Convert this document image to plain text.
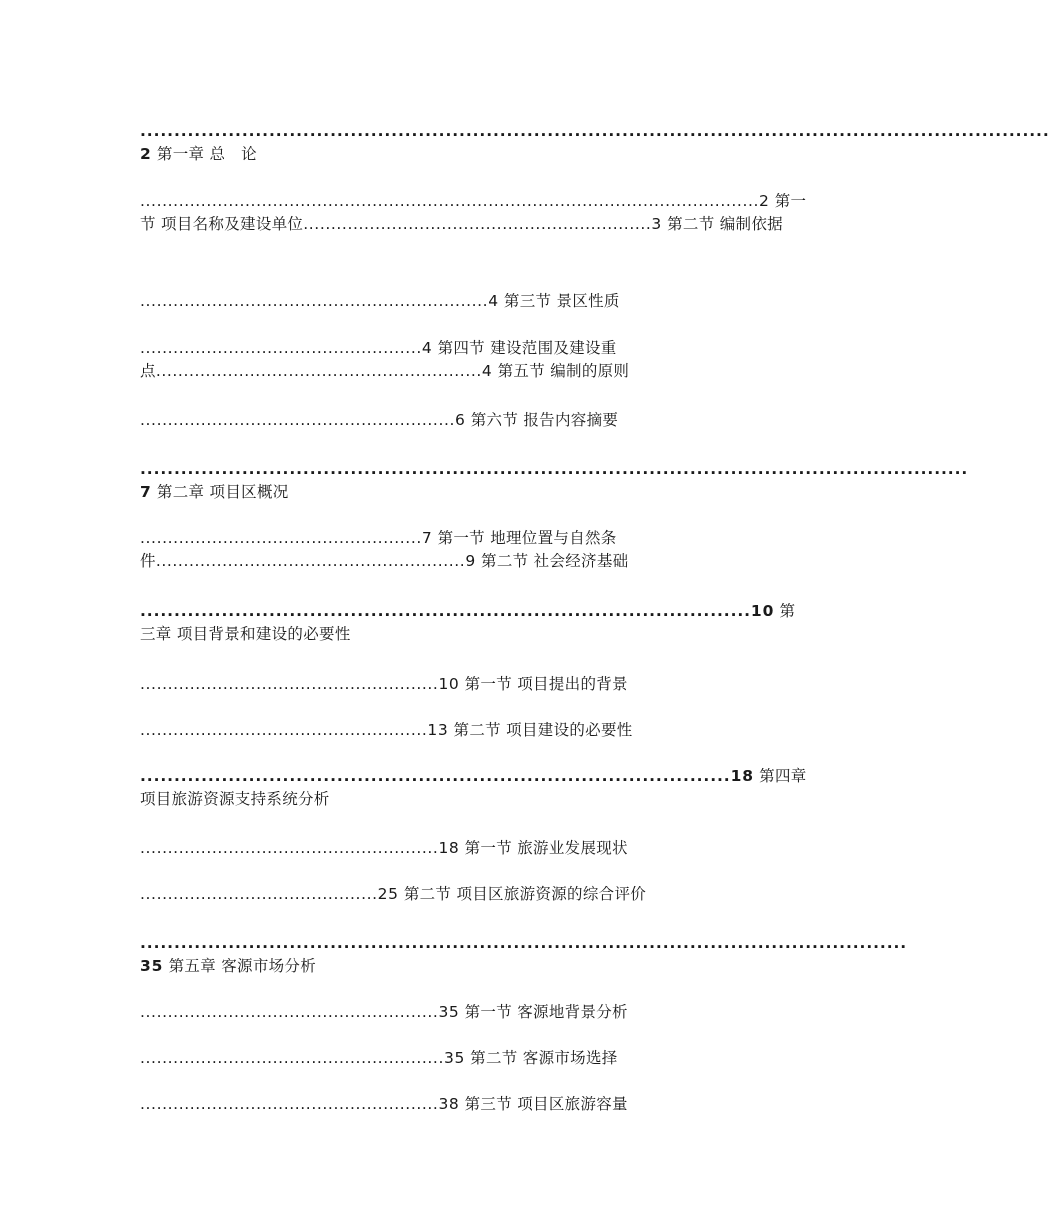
......................................................................................................................................2 第一章 总　论
................................................................................................................2 第一节 项目名称及建设单位...............................................................3 第二节 编制依据
...............................................................4 第三节 景区性质
...................................................4 第四节 建设范围及建设重点...........................................................4 第五节 编制的原则
.........................................................6 第六节 报告内容摘要
..........................................................................................................................7 第二章 项目区概况
...................................................7 第一节 地理位置与自然条件........................................................9 第二节 社会经济基础
..........................................................................................10 第三章 项目背景和建设的必要性
......................................................10 第一节 项目提出的背景
....................................................13 第二节 项目建设的必要性
.......................................................................................18 第四章 项目旅游资源支持系统分析
......................................................18 第一节 旅游业发展现状
...........................................25 第二节 项目区旅游资源的综合评价
.................................................................................................................35 第五章 客源市场分析
......................................................35 第一节 客源地背景分析
.......................................................35 第二节 客源市场选择
......................................................38 第三节 项目区旅游容量
